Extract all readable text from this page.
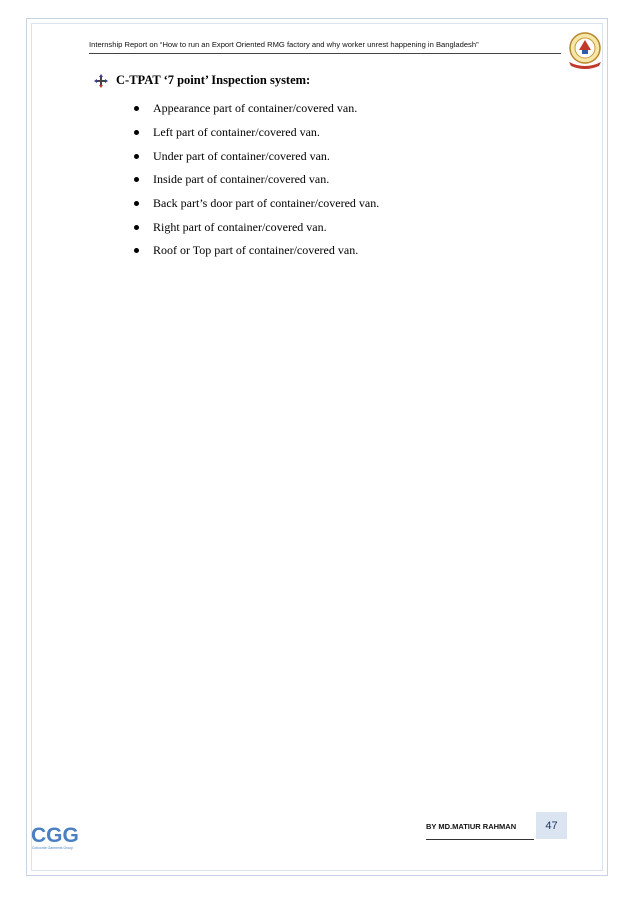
Internship Report on “How to run an Export Oriented RMG factory and why worker unrest happening in Bangladesh”
C-TPAT ‘7 point’ Inspection system:
Appearance part of container/covered van.
Left part of container/covered van.
Under part of container/covered van.
Inside part of container/covered van.
Back part’s door part of container/covered van.
Right part of container/covered van.
Roof or Top part of container/covered van.
BY MD.MATIUR RAHMAN	47
CGG
Concorde Garments Group
